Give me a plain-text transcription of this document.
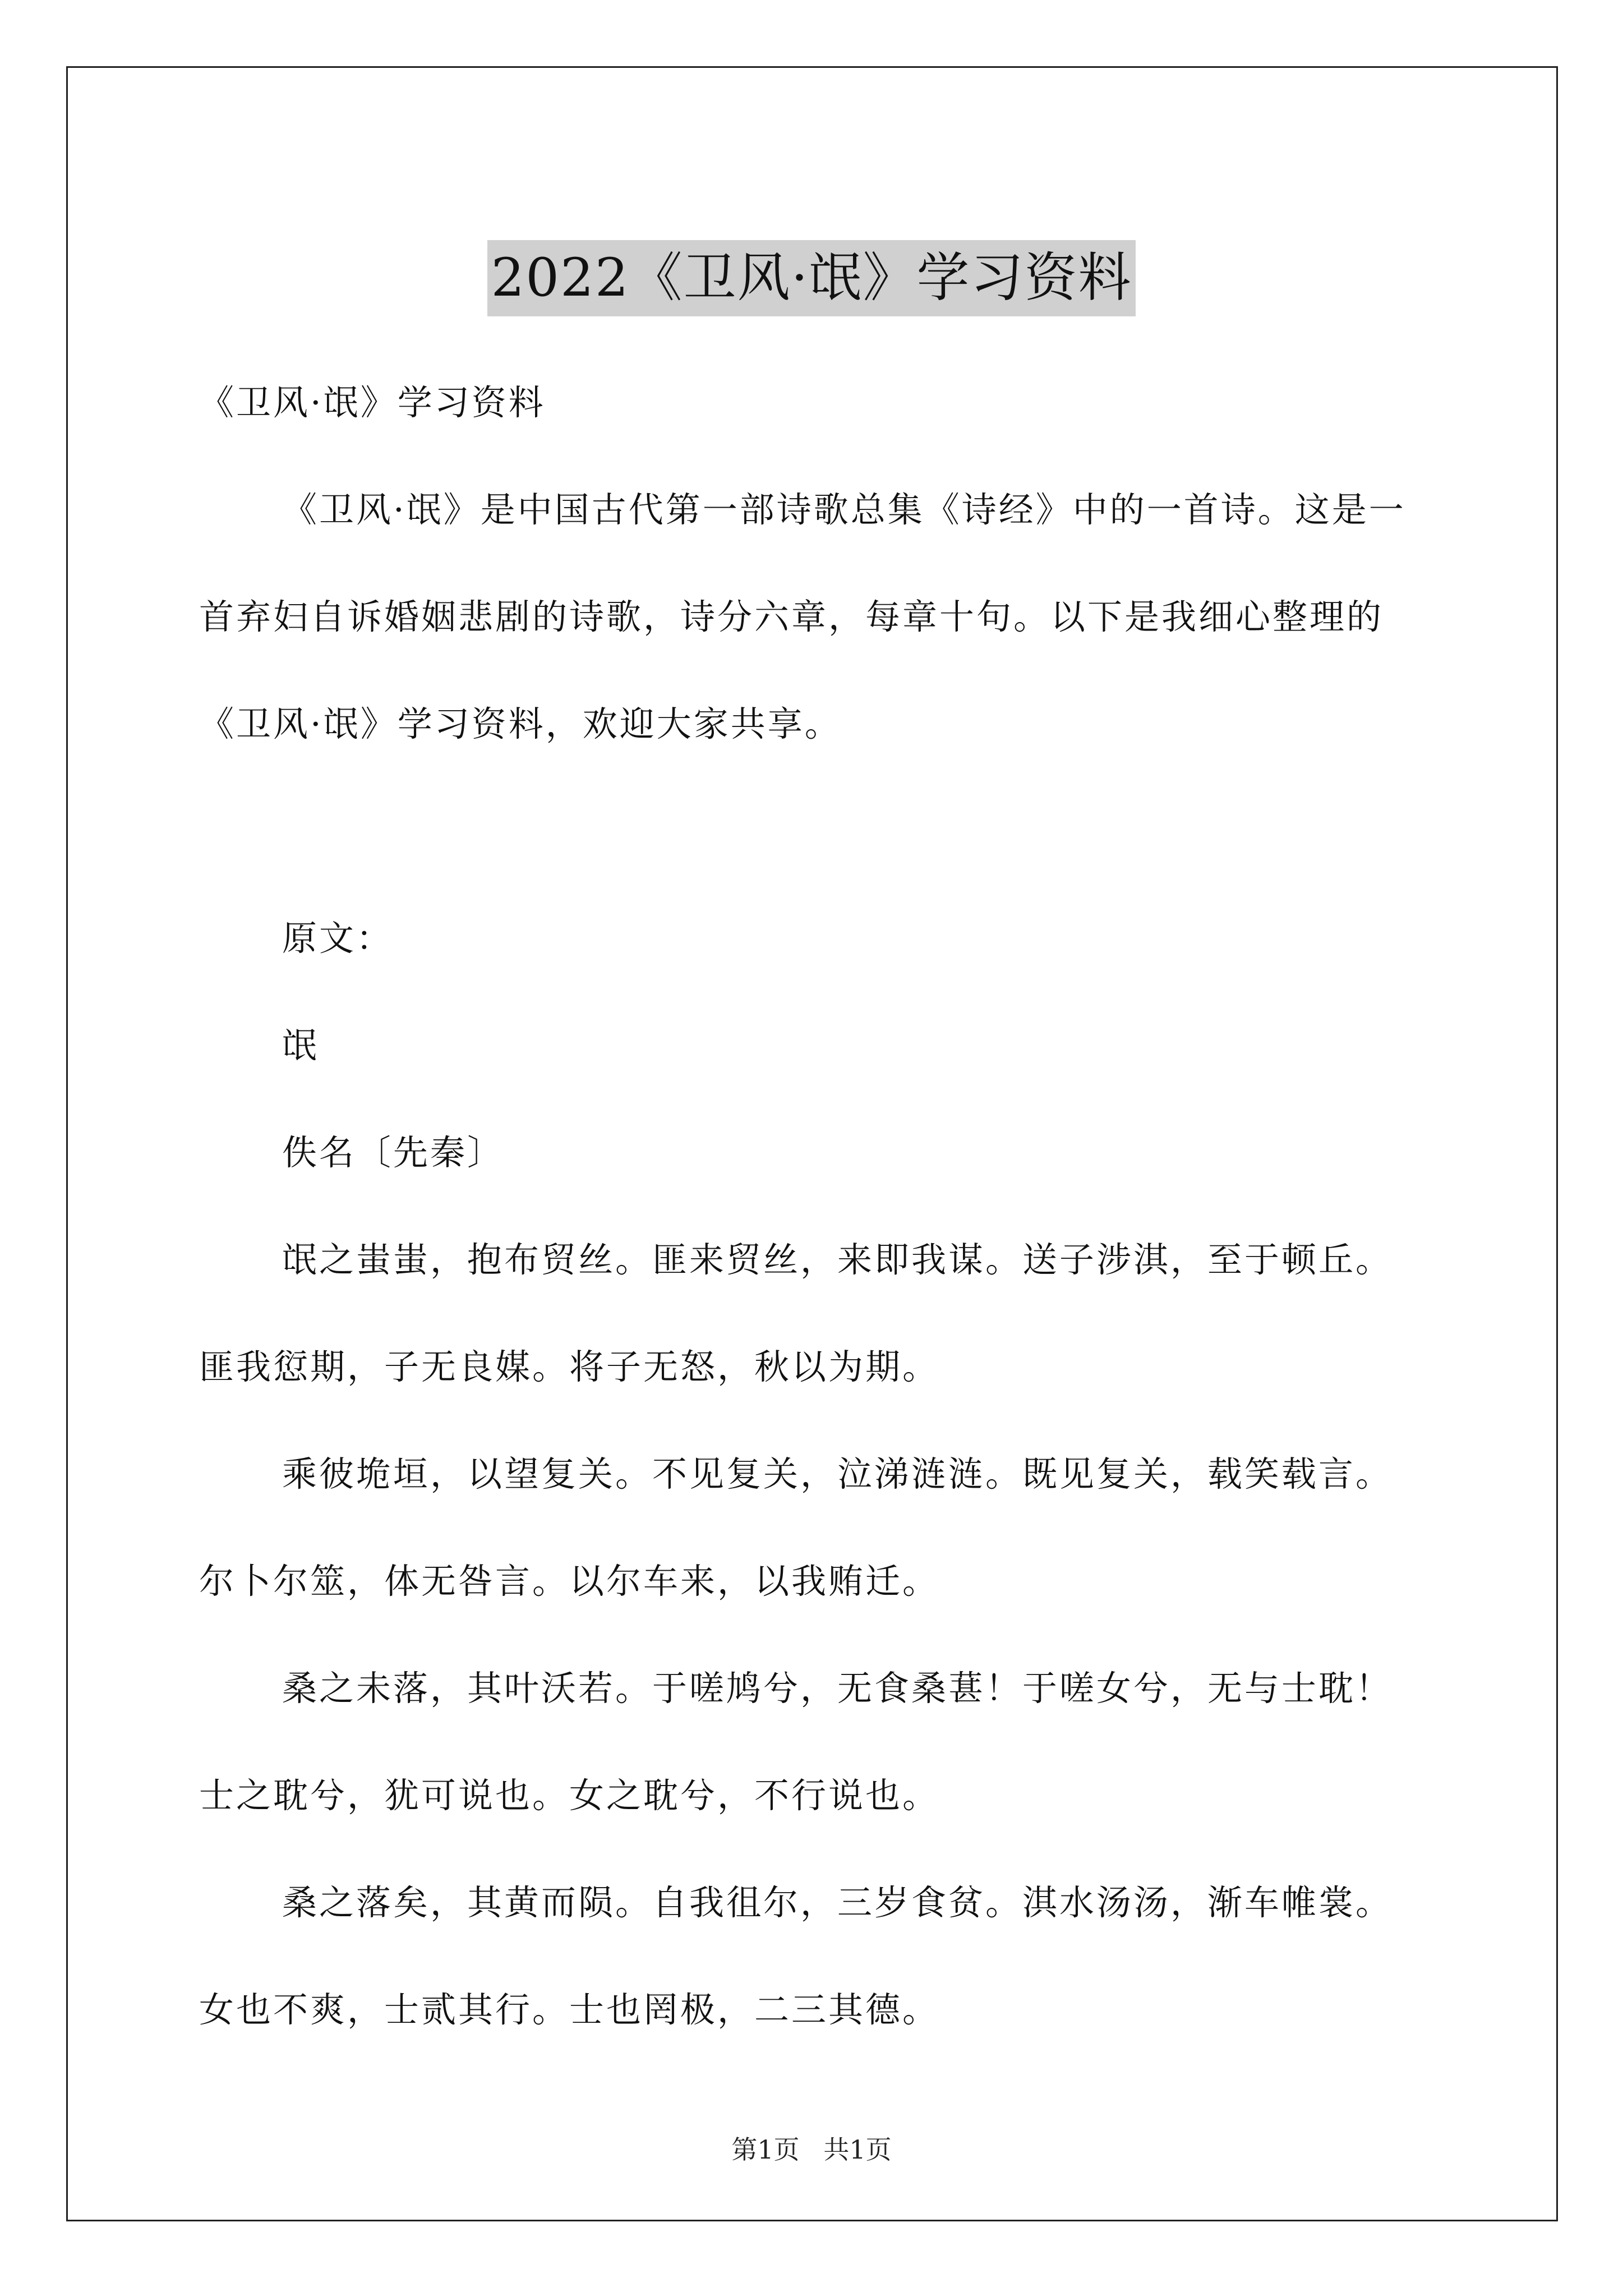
2022《卫风·氓》学习资料

《卫风·氓》学习资料

《卫风·氓》是中国古代第一部诗歌总集《诗经》中的一首诗。这是一首弃妇自诉婚姻悲剧的诗歌，诗分六章，每章十句。以下是我细心整理的《卫风·氓》学习资料，欢迎大家共享。

原文：

氓

佚名〔先秦〕

氓之蚩蚩，抱布贸丝。匪来贸丝，来即我谋。送子涉淇，至于顿丘。匪我愆期，子无良媒。将子无怒，秋以为期。

乘彼垝垣，以望复关。不见复关，泣涕涟涟。既见复关，载笑载言。尔卜尔筮，体无咎言。以尔车来，以我贿迁。

桑之未落，其叶沃若。于嗟鸠兮，无食桑葚！于嗟女兮，无与士耽！士之耽兮，犹可说也。女之耽兮，不行说也。

桑之落矣，其黄而陨。自我徂尔，三岁食贫。淇水汤汤，渐车帷裳。女也不爽，士贰其行。士也罔极，二三其德。

第1页 共1页
